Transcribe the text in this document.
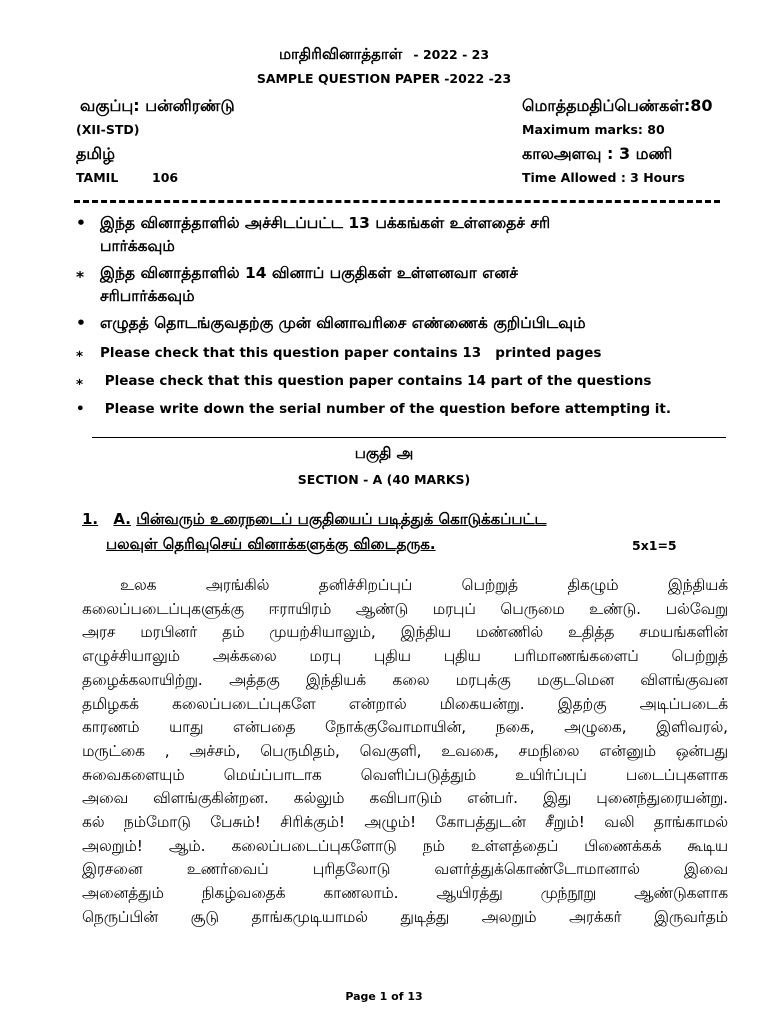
மாதிரிவினாத்தாள் - 2022 - 23
SAMPLE QUESTION PAPER -2022 -23
வகுப்பு: பன்னிரண்டு	மொத்தமதிப்பெண்கள்:80
(XII-STD)	Maximum marks: 80
தமிழ்	காலஅளவு : 3 மணி
TAMIL	106	Time Allowed : 3 Hours
• இந்த வினாத்தாளில் அச்சிடப்பட்ட 13 பக்கங்கள் உள்ளதைச் சரி
பார்க்கவும்
⁎ இந்த வினாத்தாளில் 14 வினாப் பகுதிகள் உள்ளனவா எனச்
சரிபார்க்கவும்
• எழுதத் தொடங்குவதற்கு முன் வினாவரிசை எண்ணைக் குறிப்பிடவும்
⁎ Please check that this question paper contains 13   printed pages
⁎ Please check that this question paper contains 14 part of the questions
• Please write down the serial number of the question before attempting it.
பகுதி அ
SECTION - A (40 MARKS)
1. A. பின்வரும் உரைநடைப் பகுதியைப் படித்துக் கொடுக்கப்பட்ட
பலவுள் தெரிவுசெய் வினாக்களுக்கு விடைதருக.	5x1=5
உலக அரங்கில் தனிச்சிறப்புப் பெற்றுத் திகழும் இந்தியக்
கலைப்படைப்புகளுக்கு ஈராயிரம் ஆண்டு மரபுப் பெருமை உண்டு. பல்வேறு
அரச மரபினர் தம் முயற்சியாலும், இந்திய மண்ணில் உதித்த சமயங்களின்
எழுச்சியாலும் அக்கலை மரபு புதிய புதிய பரிமாணங்களைப் பெற்றுத்
தழைக்கலாயிற்று. அத்தகு இந்தியக் கலை மரபுக்கு மகுடமென விளங்குவன
தமிழகக் கலைப்படைப்புகளே என்றால் மிகையன்று. இதற்கு அடிப்படைக்
காரணம் யாது என்பதை நோக்குவோமாயின், நகை, அழுகை, இளிவரல்,
மருட்கை , அச்சம், பெருமிதம், வெகுளி, உவகை, சமநிலை என்னும் ஒன்பது
சுவைகளையும் மெய்ப்பாடாக வெளிப்படுத்தும் உயிர்ப்புப் படைப்புகளாக
அவை விளங்குகின்றன. கல்லும் கவிபாடும் என்பர். இது புனைந்துரையன்று.
கல் நம்மோடு பேசும்! சிரிக்கும்! அழும்! கோபத்துடன் சீறும்! வலி தாங்காமல்
அலறும்! ஆம். கலைப்படைப்புகளோடு நம் உள்ளத்தைப் பிணைக்கக் கூடிய
இரசனை உணர்வைப் புரிதலோடு வளர்த்துக்கொண்டோமானால் இவை
அனைத்தும் நிகழ்வதைக் காணலாம். ஆயிரத்து முந்நூறு ஆண்டுகளாக
நெருப்பின் சூடு தாங்கமுடியாமல் துடித்து அலறும் அரக்கர் இருவர்தம்
Page 1 of 13
